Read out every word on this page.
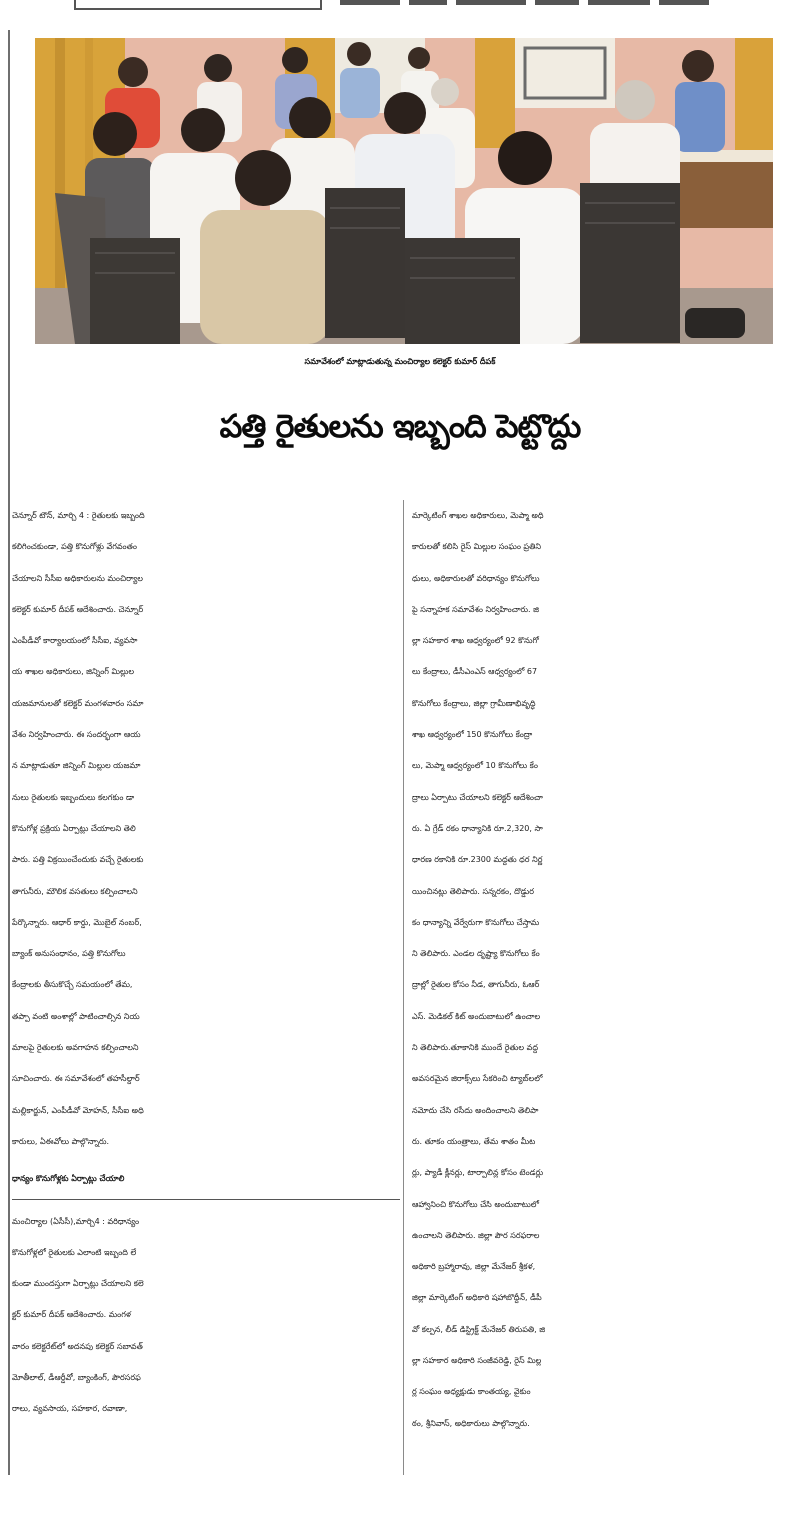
సమావేశంలో మాట్లాడుతున్న మంచిర్యాల కలెక్టర్ కుమార్ దీపక్
పత్తి రైతులను ఇబ్బంది పెట్టొద్దు
చెన్నూర్ టౌన్, మార్చి 4 : రైతులకు ఇబ్బంది
కలిగించకుండా, పత్తి కొనుగోళ్లు వేగవంతం
చేయాలని సీసీఐ అధికారులను మంచిర్యాల
కలెక్టర్ కుమార్ దీపక్ ఆదేశించారు. చెన్నూర్
ఎంపీడీవో కార్యాలయంలో సీసీఐ, వ్యవసా
య శాఖల అధికారులు, జిన్నింగ్ మిల్లుల
యజమానులతో కలెక్టర్ మంగళవారం సమా
వేశం నిర్వహించారు. ఈ సందర్భంగా ఆయ
న మాట్లాడుతూ జిన్నింగ్ మిల్లుల యజమా
నులు రైతులకు ఇబ్బందులు కలగకుం డా
కొనుగోళ్ల ప్రక్రియ ఏర్పాట్లు చేయాలని తెలి
పారు. పత్తి విక్రయించేందుకు వచ్చే రైతులకు
తాగునీరు, మౌలిక వసతులు కల్పించాలని
పేర్కొన్నారు. ఆధార్ కార్డు, మొబైల్ నంబర్,
బ్యాంక్ అనుసంధానం, పత్తి కొనుగోలు
కేంద్రాలకు తీసుకొచ్చే సమయంలో తేమ,
తప్పా వంటి అంశాల్లో పాటించాల్సిన నియ
మాలపై రైతులకు అవగాహన కల్పించాలని
సూచించారు. ఈ సమావేశంలో తహసీల్దార్
మల్లికార్జున్, ఎంపీడీవో మోహన్, సీసీఐ అధి
కారులు, ఏఈవోలు పాల్గొన్నారు.
ధాన్యం కొనుగోళ్లకు ఏర్పాట్లు చేయాలి
మంచిర్యాల (ఏసీసీ),మార్చి4 : వరిధాన్యం
కొనుగోళ్లలో రైతులకు ఎలాంటి ఇబ్బంది లే
కుండా ముందస్తుగా ఏర్పాట్లు చేయాలని కలె
క్టర్ కుమార్ దీపక్ ఆదేశించారు. మంగళ
వారం కలెక్టరేట్‌లో అదనపు కలెక్టర్ సబావత్
మోతీలాల్, డీఆర్డీవో, బ్యాంకింగ్, పౌరసరఫ
రాలు, వ్యవసాయ, సహకార, రవాణా,
మార్కెటింగ్ శాఖల అధికారులు, మెప్మా అధి
కారులతో కలిసి రైస్ మిల్లుల సంఘం ప్రతిని
ధులు, అధికారులతో వరిధాన్యం కొనుగోలు
పై సన్నాహక సమావేశం నిర్వహించారు. జి
ల్లా సహకార శాఖ ఆధ్వర్యంలో 92 కొనుగో
లు కేంద్రాలు, డీసీఎంఎస్ ఆధ్వర్యంలో 67
కొనుగోలు కేంద్రాలు, జిల్లా గ్రామీణాభివృద్ధి
శాఖ ఆధ్వర్యంలో 150 కొనుగోలు కేంద్రా
లు, మెప్మా ఆధ్వర్యంలో 10 కొనుగోలు కేం
ద్రాలు ఏర్పాటు చేయాలని కలెక్టర్ ఆదేశించా
రు. ఏ గ్రేడ్ రకం ధాన్యానికి రూ.2,320, సా
ధారణ రకానికి రూ.2300 మద్దతు ధర నిర్ణ
యించినట్లు తెలిపారు. సన్నరకం, దొడ్డుర
కం ధాన్యాన్ని వేర్వేరుగా కొనుగోలు చేస్తామ
ని తెలిపారు. ఎండల దృష్ట్యా కొనుగోలు కేం
ద్రాల్లో రైతుల కోసం నీడ, తాగునీరు, ఓఆర్
ఎస్. మెడికల్ కిట్ అందుబాటులో ఉంచాల
ని తెలిపారు.తూకానికి ముందే రైతుల వద్ద
అవసరమైన జిరాక్స్‌లు సేకరించి ట్యాబ్‌లలో
నమోదు చేసి రసీదు అందించాలని తెలిపా
రు. తూకం యంత్రాలు, తేమ శాతం మీట
ర్లు, ప్యాడీ క్లీనర్లు, టార్పాలిన్ల కోసం టెండర్లు
ఆహ్వానించి కొనుగోలు చేసి అందుబాటులో
ఉంచాలని తెలిపారు. జిల్లా పౌర సరఫరాల
అధికారి బ్రహ్మారావు, జిల్లా మేనేజర్ శ్రీకళ,
జిల్లా మార్కెటింగ్ అధికారి షహాబొద్దీన్, డీపీ
వో కల్పన, లీడ్ డిస్ట్రిక్ట్ మేనేజర్ తిరుపతి, జి
ల్లా సహకార అధికారి సంజీవరెడ్డి, రైస్ మిల్ల
ర్ల సంఘం అధ్యక్షుడు కాంతయ్య, వైకుం
ఠం, శ్రీనివాస్, అధికారులు పాల్గొన్నారు.
